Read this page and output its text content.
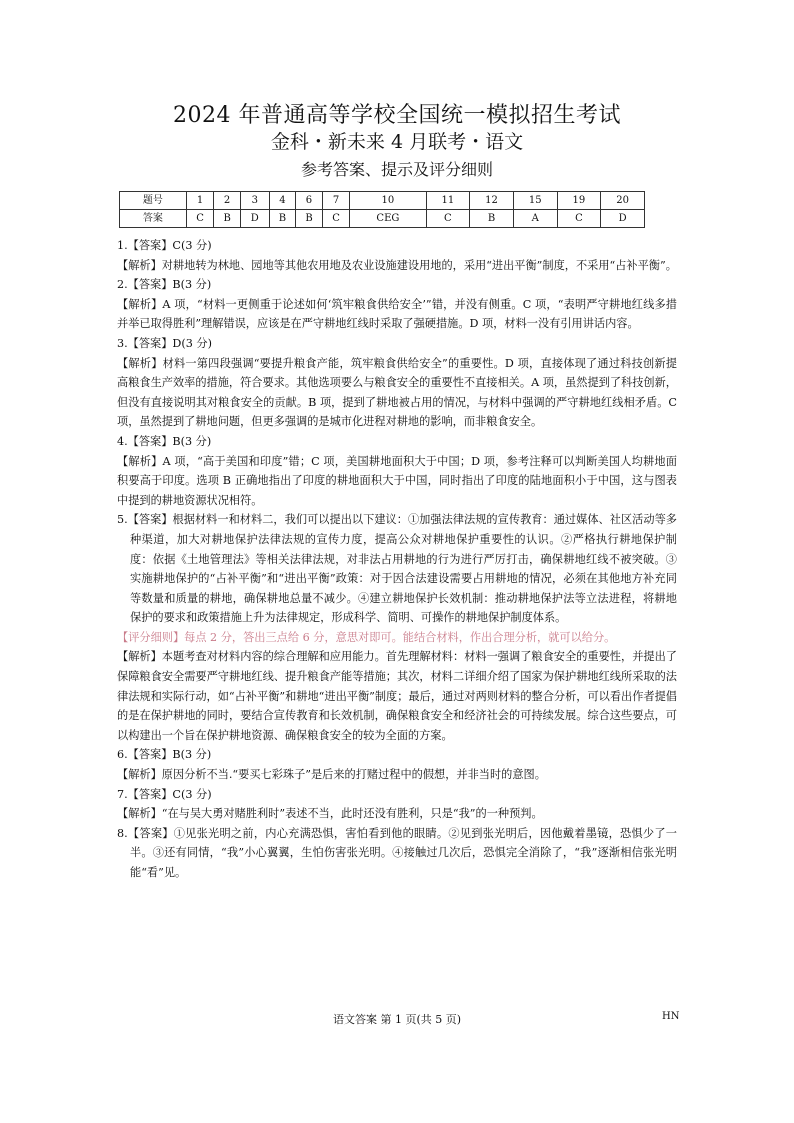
2024 年普通高等学校全国统一模拟招生考试
金科・新未来 4 月联考・语文
参考答案、提示及评分细则
题号	1	2	3	4	6	7	10	11	12	15	19	20
答案	C	B	D	B	B	C	CEG	C	B	A	C	D

1.【答案】C(3 分)

【解析】对耕地转为林地、园地等其他农用地及农业设施建设用地的，采用“进出平衡”制度，不采用“占补平衡”。

2.【答案】B(3 分)

【解析】A 项，“材料一更侧重于论述如何‘筑牢粮食供给安全’”错，并没有侧重。C 项，“表明严守耕地红线多措并举已取得胜利”理解错误，应该是在严守耕地红线时采取了强硬措施。D 项，材料一没有引用讲话内容。

3.【答案】D(3 分)

【解析】材料一第四段强调“要提升粮食产能，筑牢粮食供给安全”的重要性。D 项，直接体现了通过科技创新提高粮食生产效率的措施，符合要求。其他选项要么与粮食安全的重要性不直接相关。A 项，虽然提到了科技创新，但没有直接说明其对粮食安全的贡献。B 项，提到了耕地被占用的情况，与材料中强调的严守耕地红线相矛盾。C 项，虽然提到了耕地问题，但更多强调的是城市化进程对耕地的影响，而非粮食安全。

4.【答案】B(3 分)

【解析】A 项，“高于美国和印度”错；C 项，美国耕地面积大于中国；D 项，参考注释可以判断美国人均耕地面积要高于印度。选项 B 正确地指出了印度的耕地面积大于中国，同时指出了印度的陆地面积小于中国，这与图表中提到的耕地资源状况相符。

5.【答案】根据材料一和材料二，我们可以提出以下建议：①加强法律法规的宣传教育：通过媒体、社区活动等多种渠道，加大对耕地保护法律法规的宣传力度，提高公众对耕地保护重要性的认识。②严格执行耕地保护制度：依据《土地管理法》等相关法律法规，对非法占用耕地的行为进行严厉打击，确保耕地红线不被突破。③实施耕地保护的“占补平衡”和“进出平衡”政策：对于因合法建设需要占用耕地的情况，必须在其他地方补充同等数量和质量的耕地，确保耕地总量不减少。④建立耕地保护长效机制：推动耕地保护法等立法进程，将耕地保护的要求和政策措施上升为法律规定，形成科学、简明、可操作的耕地保护制度体系。

【评分细则】每点 2 分，答出三点给 6 分，意思对即可。能结合材料，作出合理分析，就可以给分。

【解析】本题考查对材料内容的综合理解和应用能力。首先理解材料：材料一强调了粮食安全的重要性，并提出了保障粮食安全需要严守耕地红线、提升粮食产能等措施；其次，材料二详细介绍了国家为保护耕地红线所采取的法律法规和实际行动，如“占补平衡”和耕地“进出平衡”制度；最后，通过对两则材料的整合分析，可以看出作者提倡的是在保护耕地的同时，要结合宣传教育和长效机制，确保粮食安全和经济社会的可持续发展。综合这些要点，可以构建出一个旨在保护耕地资源、确保粮食安全的较为全面的方案。

6.【答案】B(3 分)

【解析】原因分析不当.“要买七彩珠子”是后来的打赌过程中的假想，并非当时的意图。

7.【答案】C(3 分)

【解析】“在与吴大勇对赌胜利时”表述不当，此时还没有胜利，只是“我”的一种预判。

8.【答案】①见张光明之前，内心充满恐惧，害怕看到他的眼睛。②见到张光明后，因他戴着墨镜，恐惧少了一半。③还有同情，“我”小心翼翼，生怕伤害张光明。④接触过几次后，恐惧完全消除了，“我”逐渐相信张光明能“看”见。

语文答案 第 1 页(共 5 页)	HN
